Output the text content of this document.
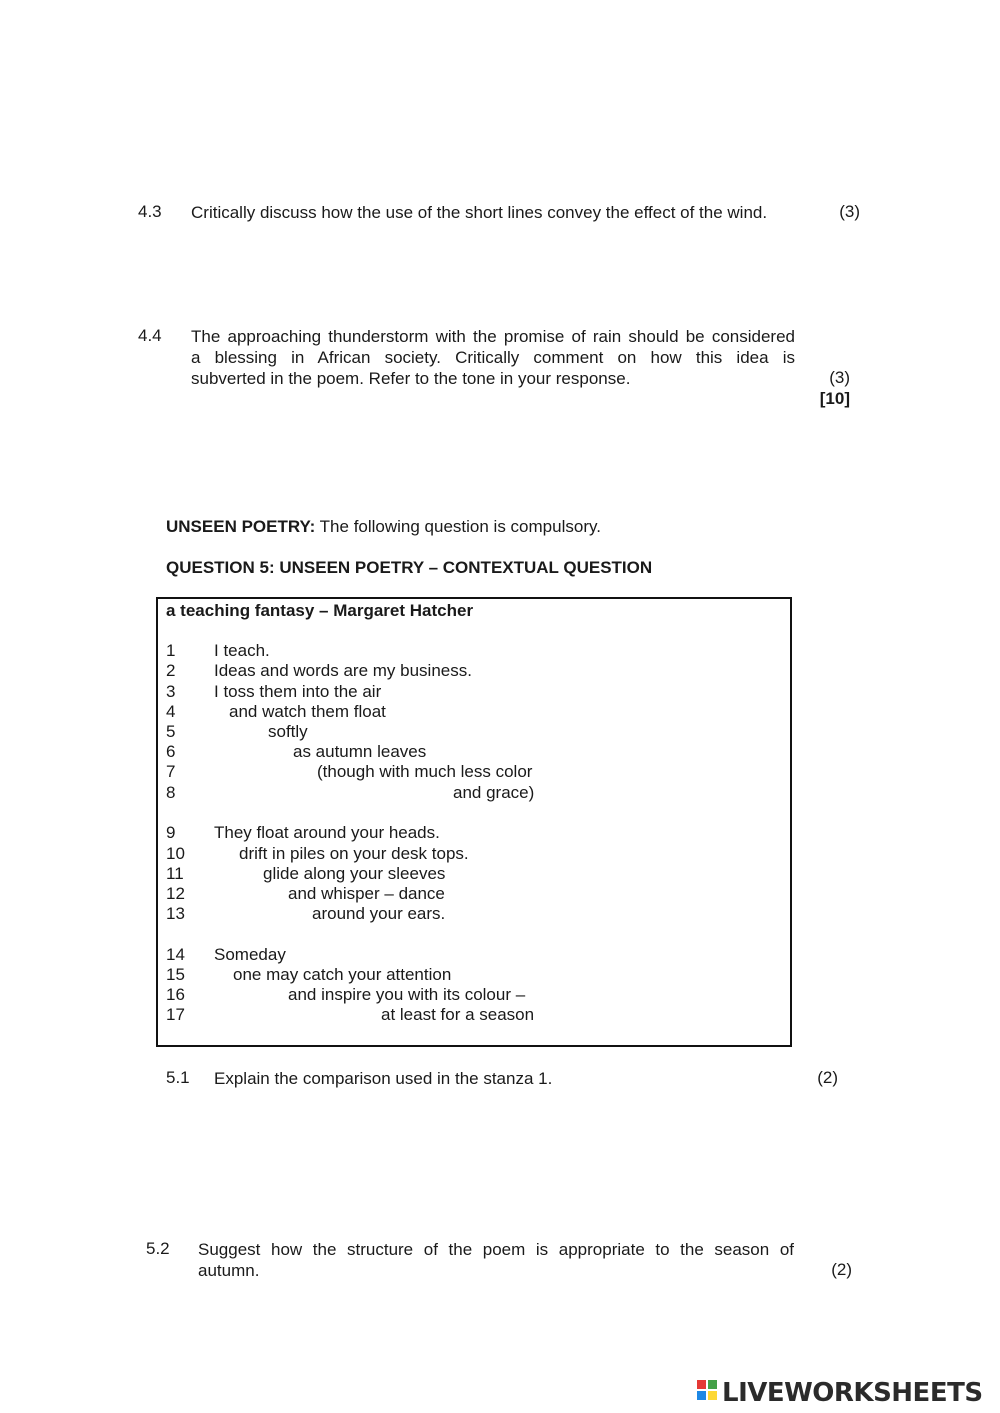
4.3 Critically discuss how the use of the short lines convey the effect of the wind.	(3)
4.4 The approaching thunderstorm with the promise of rain should be considered
a blessing in African society. Critically comment on how this idea is
subverted in the poem. Refer to the tone in your response.	(3)
[10]
UNSEEN POETRY: The following question is compulsory.
QUESTION 5: UNSEEN POETRY – CONTEXTUAL QUESTION
a teaching fantasy – Margaret Hatcher
1 I teach.
2 Ideas and words are my business.
3 I toss them into the air
4	and watch them float
5	softly
6	as autumn leaves
7	(though with much less color
8	and grace)
9 They float around your heads.
10	drift in piles on your desk tops.
11	glide along your sleeves
12	and whisper – dance
13	around your ears.
14 Someday
15	one may catch your attention
16	and inspire you with its colour –
17	at least for a season
5.1 Explain the comparison used in the stanza 1.	(2)
5.2 Suggest how the structure of the poem is appropriate to the season of
autumn.	(2)
LIVEWORKSHEETS
